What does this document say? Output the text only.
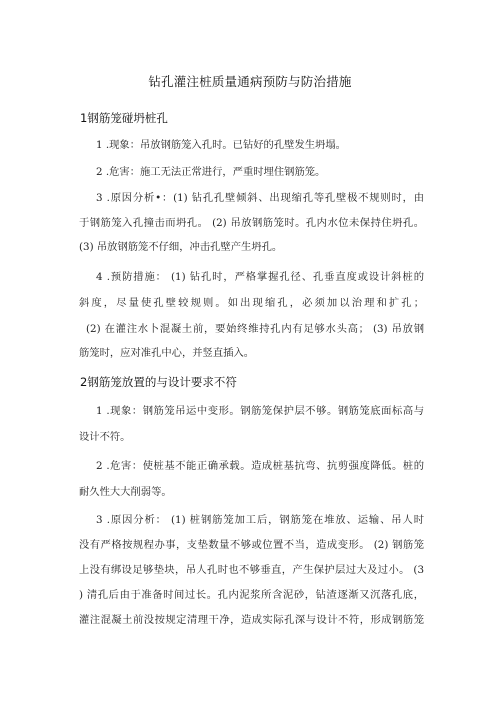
钻孔灌注桩质量通病预防与防治措施
1钢筋笼碰坍桩孔
1 .现象：吊放钢筋笼入孔时。已钻好的孔壁发生坍塌。
2 .危害：施工无法正常进行，严重时埋住钢筋笼。
3 .原因分析•：(1) 钻孔孔壁倾斜、出现缩孔等孔壁极不规则时，由
于钢筋笼入孔撞击而坍孔。 (2) 吊放钢筋笼时。孔内水位未保持住坍孔。
(3) 吊放钢筋笼不仔细，冲击孔壁产生坍孔。
4 .预防措施： (1) 钻孔时，严格掌握孔径、孔垂直度或设计斜桩的
斜度，尽量使孔壁较规则。如出现缩孔，必须加以治理和扩孔；
(2) 在灌注水卜混凝土前，要始终维持孔内有足够水头高； (3) 吊放钢
筋笼时，应对准孔中心，并竖直插入。
2钢筋笼放置的与设计要求不符
1 .现象：钢筋笼吊运中变形。钢筋笼保护层不够。钢筋笼底面标高与
设计不符。
2 .危害：使桩基不能正确承载。造成桩基抗弯、抗剪强度降低。桩的
耐久性大大削弱等。
3 .原因分析： (1) 桩钢筋笼加工后，钢筋笼在堆放、运输、吊人时
没有严格按规程办事，支垫数量不够或位置不当，造成变形。 (2) 钢筋笼
上没有绑设足够垫块，吊人孔时也不够垂直，产生保护层过大及过小。 (3
) 清孔后由于准备时间过长。孔内泥浆所含泥砂，钻渣逐渐又沉落孔底，
灌注混凝土前没按规定清理干净，造成实际孔深与设计不符，形成钢筋笼
